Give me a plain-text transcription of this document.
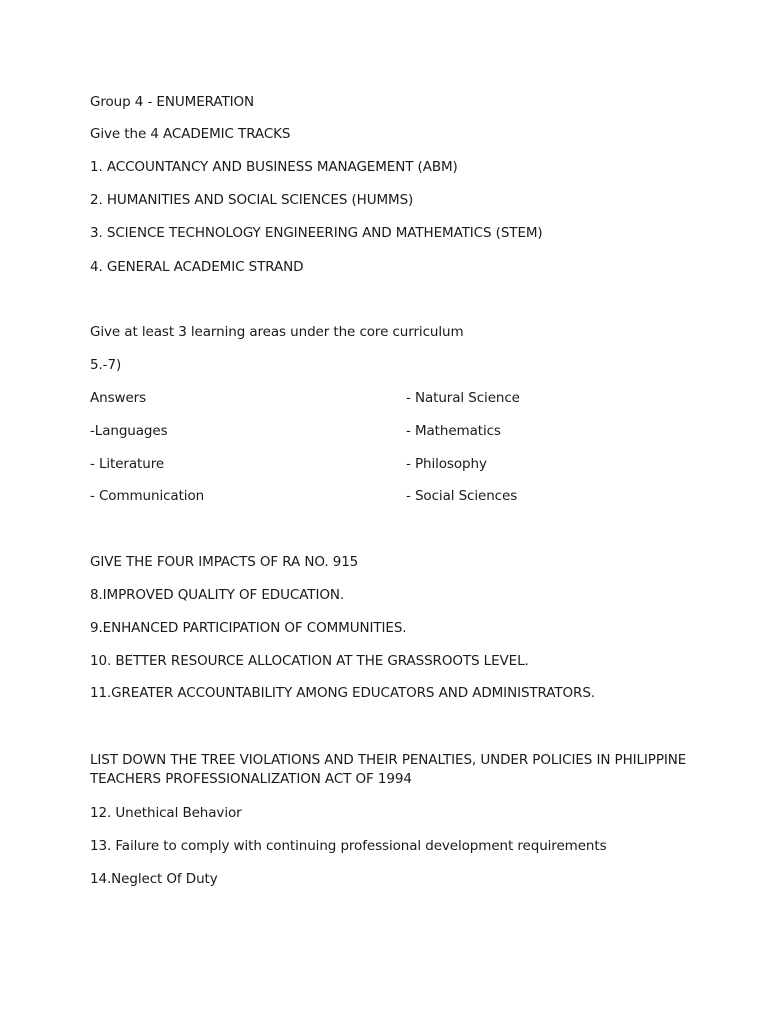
Group 4 - ENUMERATION
Give the 4 ACADEMIC TRACKS
1. ACCOUNTANCY AND BUSINESS MANAGEMENT (ABM)
2. HUMANITIES AND SOCIAL SCIENCES (HUMMS)
3. SCIENCE TECHNOLOGY ENGINEERING AND MATHEMATICS (STEM)
4. GENERAL ACADEMIC STRAND
Give at least 3 learning areas under the core curriculum
5.-7)
Answers
-Languages
- Literature
- Communication
- Natural Science
- Mathematics
- Philosophy
- Social Sciences
GIVE THE FOUR IMPACTS OF RA NO. 915
8.IMPROVED QUALITY OF EDUCATION.
9.ENHANCED PARTICIPATION OF COMMUNITIES.
10. BETTER RESOURCE ALLOCATION AT THE GRASSROOTS LEVEL.
11.GREATER ACCOUNTABILITY AMONG EDUCATORS AND ADMINISTRATORS.
LIST DOWN THE TREE VIOLATIONS AND THEIR PENALTIES, UNDER POLICIES IN PHILIPPINE
TEACHERS PROFESSIONALIZATION ACT OF 1994
12. Unethical Behavior
13. Failure to comply with continuing professional development requirements
14.Neglect Of Duty
